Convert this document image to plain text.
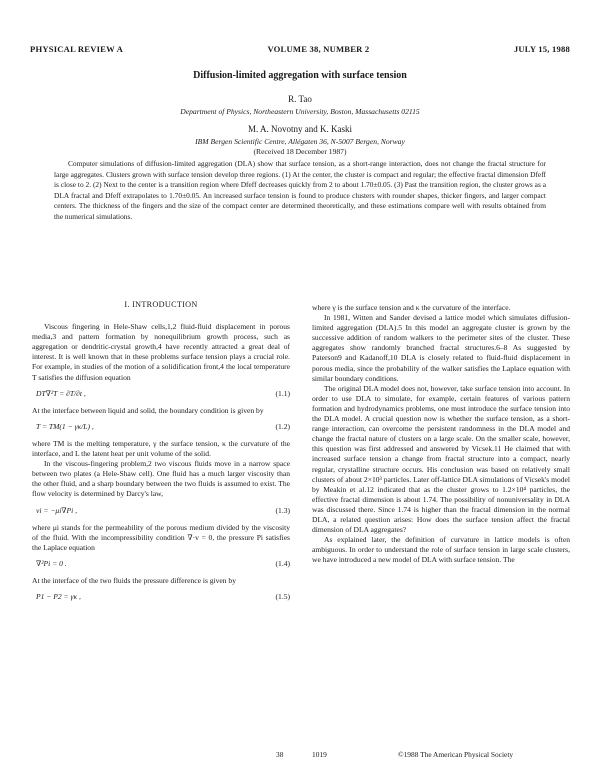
PHYSICAL REVIEW A	VOLUME 38, NUMBER 2	JULY 15, 1988
Diffusion-limited aggregation with surface tension
R. Tao
Department of Physics, Northeastern University, Boston, Massachusetts 02115
M. A. Novotny and K. Kaski
IBM Bergen Scientific Centre, Allégaten 36, N-5007 Bergen, Norway
(Received 18 December 1987)

Computer simulations of diffusion-limited aggregation (DLA) show that surface tension, as a short-range interaction, does not change the fractal structure for large aggregates. Clusters grown with surface tension develop three regions. (1) At the center, the cluster is compact and regular; the effective fractal dimension Dfeff is close to 2. (2) Next to the center is a transition region where Dfeff decreases quickly from 2 to about 1.70±0.05. (3) Past the transition region, the cluster grows as a DLA fractal and Dfeff extrapolates to 1.70±0.05. An increased surface tension is found to produce clusters with rounder shapes, thicker fingers, and larger compact centers. The thickness of the fingers and the size of the compact center are determined theoretically, and these estimations compare well with results obtained from the numerical simulations.

I. INTRODUCTION

Viscous fingering in Hele-Shaw cells,1,2 fluid-fluid displacement in porous media,3 and pattern formation by nonequilibrium growth process, such as aggregation or dendritic-crystal growth,4 have recently attracted a great deal of interest. It is well known that in these problems surface tension plays a crucial role. For example, in studies of the motion of a solidification front,4 the local temperature T satisfies the diffusion equation

DT∇²T = ∂T/∂t ,	(1.1)

At the interface between liquid and solid, the boundary condition is given by

T = TM(1 − γκ/L) ,	(1.2)

where TM is the melting temperature, γ the surface tension, κ the curvature of the interface, and L the latent heat per unit volume of the solid.

In the viscous-fingering problem,2 two viscous fluids move in a narrow space between two plates (a Hele-Shaw cell). One fluid has a much larger viscosity than the other fluid, and a sharp boundary between the two fluids is assumed to exist. The flow velocity is determined by Darcy's law,

vi = −μi∇Pi ,	(1.3)

where μi stands for the permeability of the porous medium divided by the viscosity of the fluid. With the incompressibility condition ∇·v = 0, the pressure Pi satisfies the Laplace equation

∇²Pi = 0 .	(1.4)

At the interface of the two fluids the pressure difference is given by

P1 − P2 = γκ ,	(1.5)

where γ is the surface tension and κ the curvature of the interface.

In 1981, Witten and Sander devised a lattice model which simulates diffusion-limited aggregation (DLA).5 In this model an aggregate cluster is grown by the successive addition of random walkers to the perimeter sites of the cluster. These aggregates show randomly branched fractal structures.6–8 As suggested by Paterson9 and Kadanoff,10 DLA is closely related to fluid-fluid displacement in porous media, since the probability of the walker satisfies the Laplace equation with similar boundary conditions.

The original DLA model does not, however, take surface tension into account. In order to use DLA to simulate, for example, certain features of various pattern formation and hydrodynamics problems, one must introduce the surface tension into the DLA model. A crucial question now is whether the surface tension, as a short-range interaction, can overcome the persistent randomness in the DLA model and change the fractal nature of clusters on a large scale. On the smaller scale, however, this question was first addressed and answered by Vicsek.11 He claimed that with increased surface tension a change from fractal structure into a compact, nearly regular, crystalline structure occurs. His conclusion was based on relatively small clusters of about 2×10³ particles. Later off-lattice DLA simulations of Vicsek's model by Meakin et al.12 indicated that as the cluster grows to 1.2×10⁴ particles, the effective fractal dimension is about 1.74. The possibility of nonuniversality in DLA was discussed there. Since 1.74 is higher than the fractal dimension in the normal DLA, a related question arises: How does the surface tension affect the fractal dimension of DLA aggregates?

As explained later, the definition of curvature in lattice models is often ambiguous. In order to understand the role of surface tension in large scale clusters, we have introduced a new model of DLA with surface tension. The

38	1019	©1988 The American Physical Society
